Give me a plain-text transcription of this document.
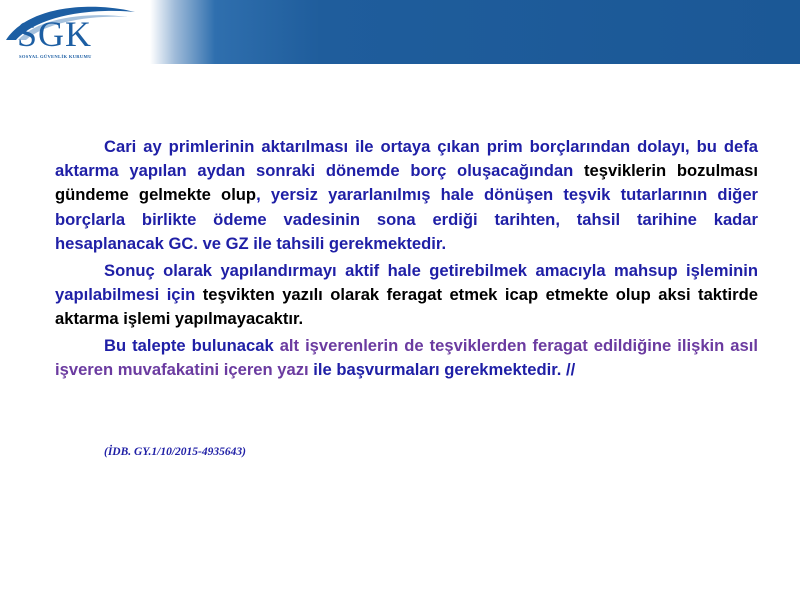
SGK
SOSYAL GÜVENLİK KURUMU

Cari ay primlerinin aktarılması ile ortaya çıkan prim borçlarından dolayı, bu defa aktarma yapılan aydan sonraki dönemde borç oluşacağından teşviklerin bozulması gündeme gelmekte olup, yersiz yararlanılmış hale dönüşen teşvik tutarlarının diğer borçlarla birlikte ödeme vadesinin sona erdiği tarihten, tahsil tarihine kadar hesaplanacak GC. ve GZ ile tahsili gerekmektedir.

Sonuç olarak yapılandırmayı aktif hale getirebilmek amacıyla mahsup işleminin yapılabilmesi için teşvikten yazılı olarak feragat etmek icap etmekte olup aksi taktirde aktarma işlemi yapılmayacaktır.

Bu talepte bulunacak alt işverenlerin de teşviklerden feragat edildiğine ilişkin asıl işveren muvafakatini içeren yazı ile başvurmaları gerekmektedir. //

(İDB. GY.1/10/2015-4935643)
